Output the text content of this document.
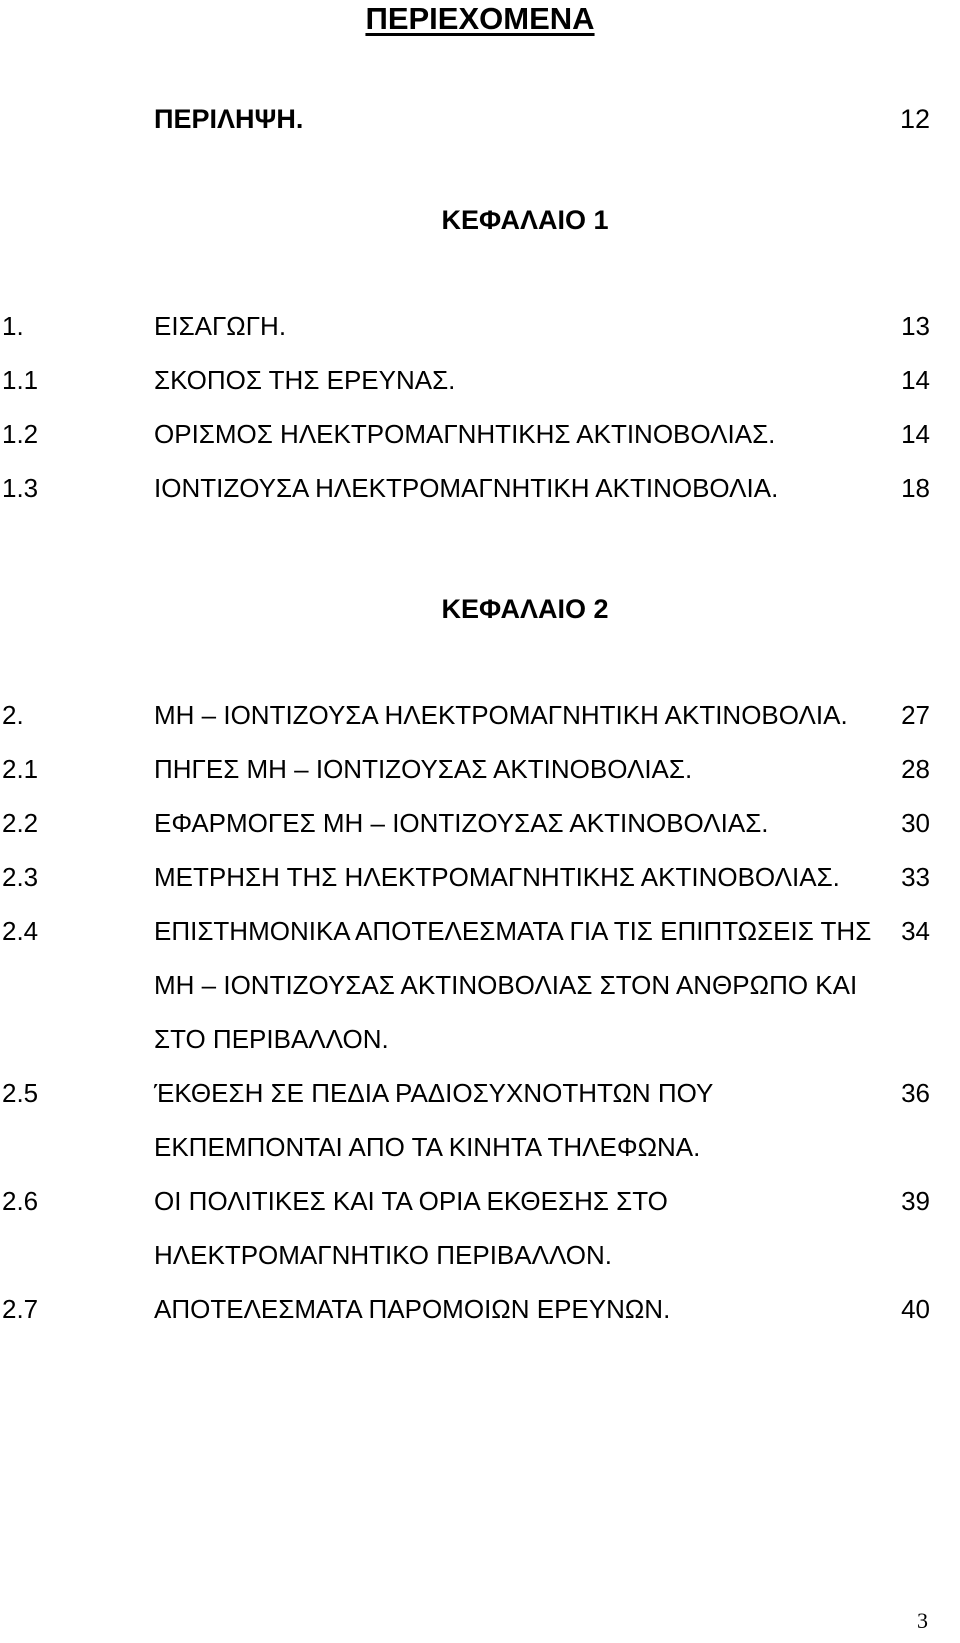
ΠΕΡΙΕΧΟΜΕΝΑ
ΠΕΡΙΛΗΨΗ.	12
ΚΕΦΑΛΑΙΟ 1
1.	ΕΙΣΑΓΩΓΗ.	13
1.1	ΣΚΟΠΟΣ ΤΗΣ ΕΡΕΥΝΑΣ.	14
1.2	ΟΡΙΣΜΟΣ ΗΛΕΚΤΡΟΜΑΓΝΗΤΙΚΗΣ ΑΚΤΙΝΟΒΟΛΙΑΣ.	14
1.3	ΙΟΝΤΙΖΟΥΣΑ ΗΛΕΚΤΡΟΜΑΓΝΗΤΙΚΗ ΑΚΤΙΝΟΒΟΛΙΑ.	18
ΚΕΦΑΛΑΙΟ 2
2.	ΜΗ – ΙΟΝΤΙΖΟΥΣΑ ΗΛΕΚΤΡΟΜΑΓΝΗΤΙΚΗ ΑΚΤΙΝΟΒΟΛΙΑ.	27
2.1	ΠΗΓΕΣ ΜΗ – ΙΟΝΤΙΖΟΥΣΑΣ ΑΚΤΙΝΟΒΟΛΙΑΣ.	28
2.2	ΕΦΑΡΜΟΓΕΣ ΜΗ – ΙΟΝΤΙΖΟΥΣΑΣ ΑΚΤΙΝΟΒΟΛΙΑΣ.	30
2.3	ΜΕΤΡΗΣΗ ΤΗΣ ΗΛΕΚΤΡΟΜΑΓΝΗΤΙΚΗΣ ΑΚΤΙΝΟΒΟΛΙΑΣ.	33
2.4	ΕΠΙΣΤΗΜΟΝΙΚΑ ΑΠΟΤΕΛΕΣΜΑΤΑ ΓΙΑ ΤΙΣ ΕΠΙΠΤΩΣΕΙΣ ΤΗΣ 34
ΜΗ – ΙΟΝΤΙΖΟΥΣΑΣ ΑΚΤΙΝΟΒΟΛΙΑΣ ΣΤΟΝ ΑΝΘΡΩΠΟ ΚΑΙ
ΣΤΟ ΠΕΡΙΒΑΛΛΟΝ.
2.5	ΈΚΘΕΣΗ ΣΕ ΠΕΔΙΑ ΡΑΔΙΟΣΥΧΝΟΤΗΤΩΝ ΠΟΥ	36
ΕΚΠΕΜΠΟΝΤΑΙ ΑΠΟ ΤΑ ΚΙΝΗΤΑ ΤΗΛΕΦΩΝΑ.
2.6	ΟΙ ΠΟΛΙΤΙΚΕΣ ΚΑΙ ΤΑ ΟΡΙΑ ΕΚΘΕΣΗΣ ΣΤΟ	39
ΗΛΕΚΤΡΟΜΑΓΝΗΤΙΚΟ ΠΕΡΙΒΑΛΛΟΝ.
2.7	ΑΠΟΤΕΛΕΣΜΑΤΑ ΠΑΡΟΜΟΙΩΝ ΕΡΕΥΝΩΝ.	40
3
